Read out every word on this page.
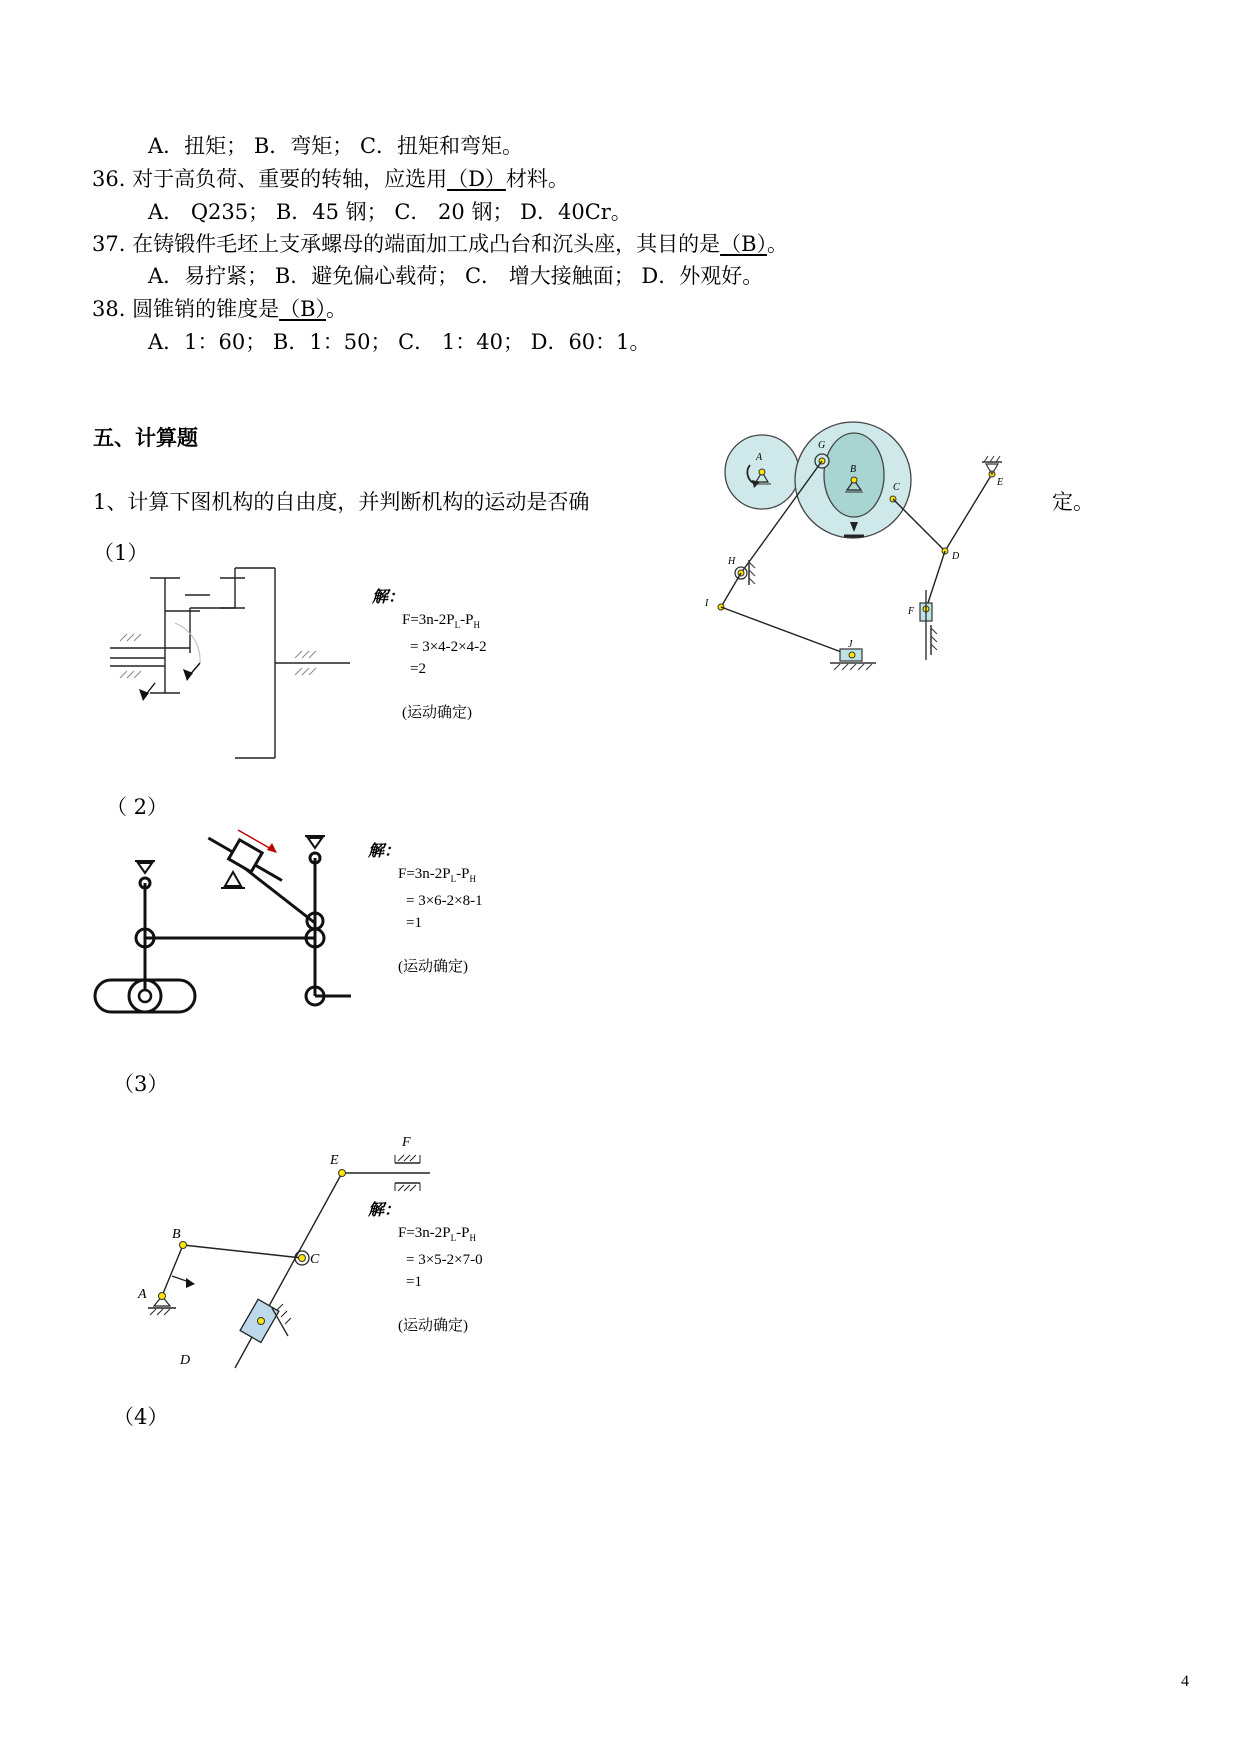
A．扭矩； B．弯矩； C．扭矩和弯矩。
36. 对于高负荷、重要的转轴，应选用（D）材料。
A． Q235； B．45 钢； C． 20 钢； D．40Cr。
37. 在铸锻件毛坯上支承螺母的端面加工成凸台和沉头座，其目的是（B）。
A．易拧紧； B．避免偏心载荷； C． 增大接触面； D．外观好。
38. 圆锥销的锥度是（B）。
A．1：60； B．1：50； C． 1：40； D．60：1。
五、计算题
1、计算下图机构的自由度，并判断机构的运动是否确	定。
A
G
B
C	E
H	D
I
F
J
（1）
解：
$F=3n-2P_L-P_H$
= 3×4-2×4-2
=2
(运动确定)
（ 2）
解：
$F=3n-2P_L-P_H$
= 3×6-2×8-1
=1
(运动确定)
（3）
E
F
B
C
A
D
解：
$F=3n-2P_L-P_H$
= 3×5-2×7-0
=1
(运动确定)
（4）
4
